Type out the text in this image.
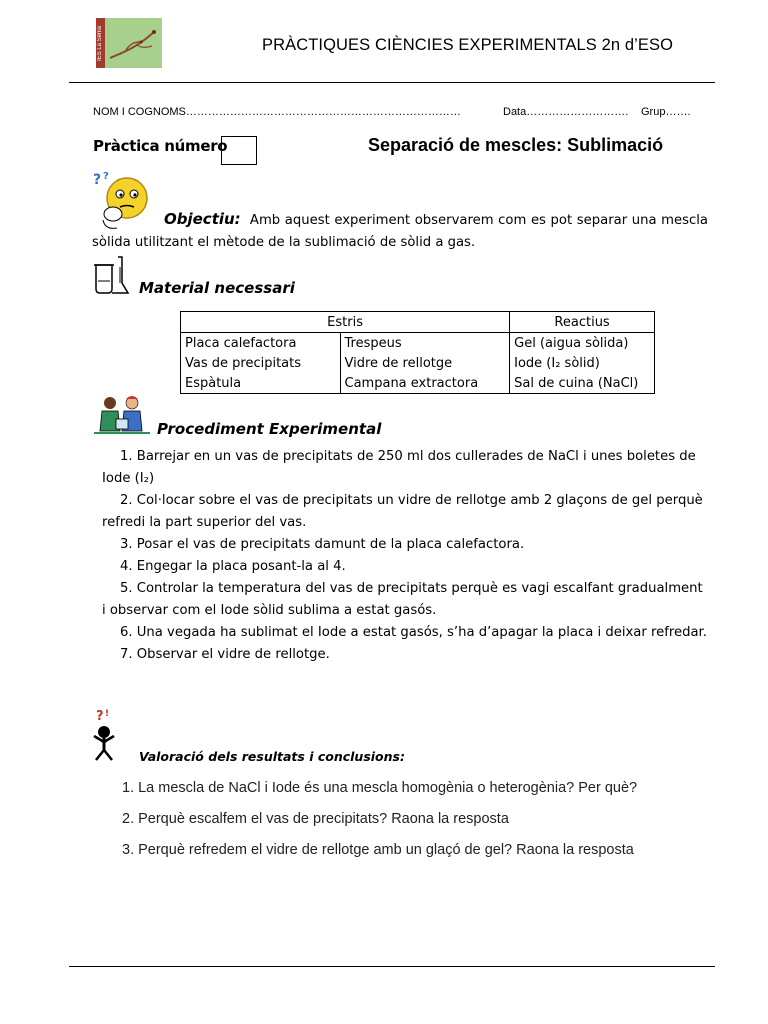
IES La Sénia	PRÀCTIQUES CIÈNCIES EXPERIMENTALS 2n d’ESO
NOM I COGNOMS…………………………………………………………………	Data………………………. Grup…….
Pràctica número	Separació de mescles: Sublimació
? ?
Objectiu: Amb aquest experiment observarem com es pot separar una mescla sòlida utilitzant el mètode de la sublimació de sòlid a gas.
Material necessari
Estris		Reactius
Placa calefactora	Trespeus	Gel (aigua sòlida)
Vas de precipitats	Vidre de rellotge	Iode (I₂ sòlid)
Espàtula	Campana extractora	Sal de cuina (NaCl)
Procediment Experimental
1. Barrejar en un vas de precipitats de 250 ml dos cullerades de NaCl i unes boletes de Iode (I₂)
2. Col·locar sobre el vas de precipitats un vidre de rellotge amb 2 glaçons de gel perquè refredi la part superior del vas.
3. Posar el vas de precipitats damunt de la placa calefactora.
4. Engegar la placa posant-la al 4.
5. Controlar la temperatura del vas de precipitats perquè es vagi escalfant gradualment i observar com el Iode sòlid sublima a estat gasós.
6. Una vegada ha sublimat el Iode a estat gasós, s’ha d’apagar la placa i deixar refredar.
7. Observar el vidre de rellotge.
? !
Valoració dels resultats i conclusions:
1. La mescla de NaCl i Iode és una mescla homogènia o heterogènia? Per què?
2. Perquè escalfem el vas de precipitats? Raona la resposta
3. Perquè refredem el vidre de rellotge amb un glaçó de gel? Raona la resposta
